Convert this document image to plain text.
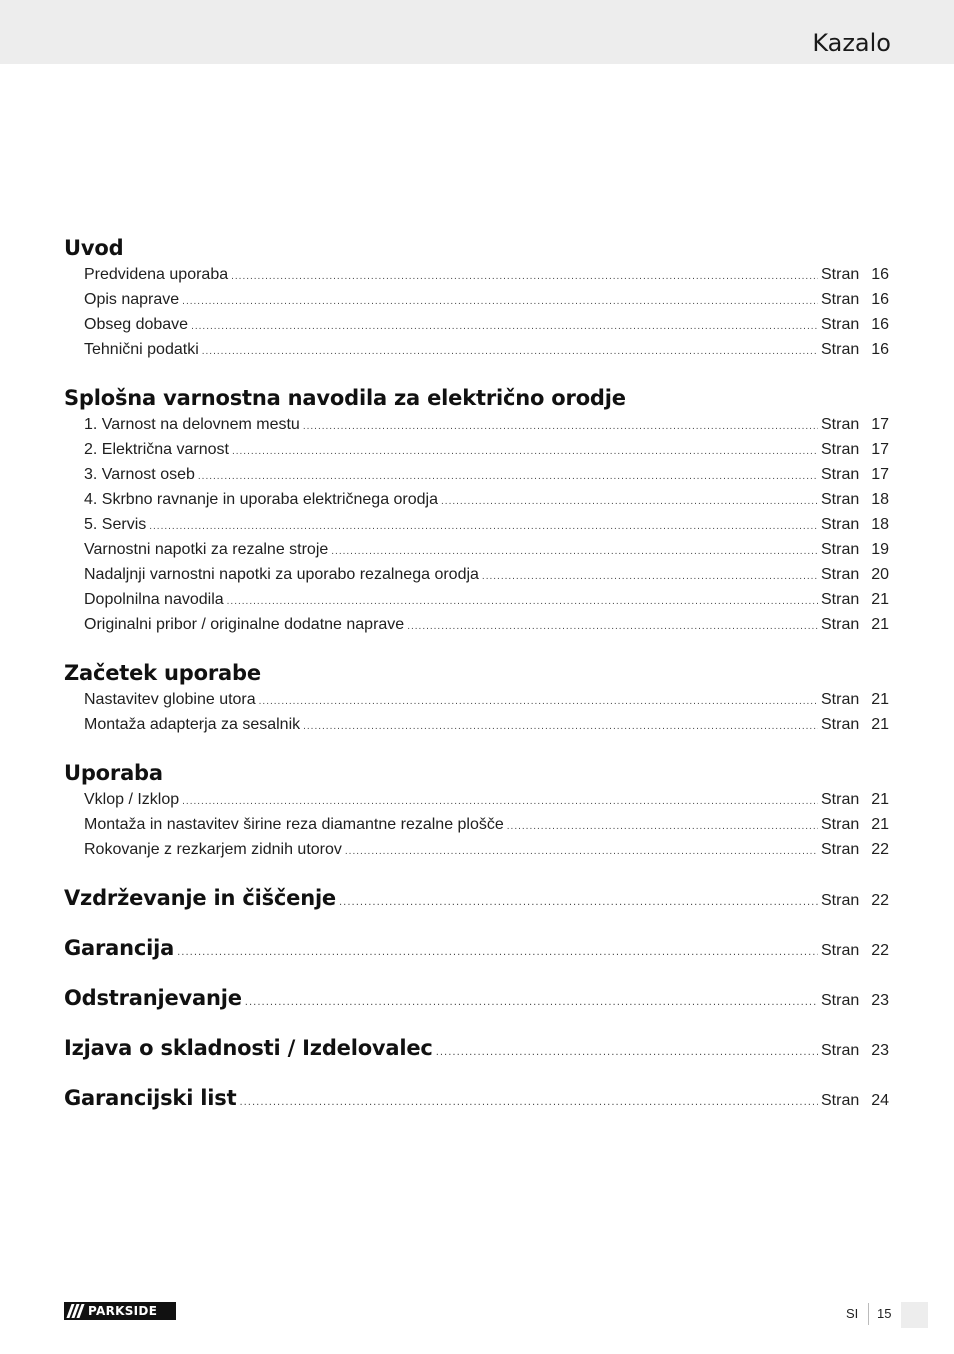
Kazalo
Uvod
Predvidena uporaba .....	Stran 16
Opis naprave .....	Stran 16
Obseg dobave .....	Stran 16
Tehnični podatki .....	Stran 16
Splošna varnostna navodila za električno orodje
1. Varnost na delovnem mestu .....	Stran 17
2. Električna varnost .....	Stran 17
3. Varnost oseb .....	Stran 17
4. Skrbno ravnanje in uporaba električnega orodja .....	Stran 18
5. Servis .....	Stran 18
Varnostni napotki za rezalne stroje .....	Stran 19
Nadaljnji varnostni napotki za uporabo rezalnega orodja .....	Stran 20
Dopolnilna navodila .....	Stran 21
Originalni pribor / originalne dodatne naprave .....	Stran 21
Začetek uporabe
Nastavitev globine utora .....	Stran 21
Montaža adapterja za sesalnik .....	Stran 21
Uporaba
Vklop / Izklop .....	Stran 21
Montaža in nastavitev širine reza diamantne rezalne plošče .....	Stran 21
Rokovanje z rezkarjem zidnih utorov .....	Stran 22
Vzdrževanje in čiščenje .....	Stran 22
Garancija .....	Stran 22
Odstranjevanje .....	Stran 23
Izjava o skladnosti / Izdelovalec .....	Stran 23
Garancijski list .....	Stran 24
PARKSIDE	SI 15
